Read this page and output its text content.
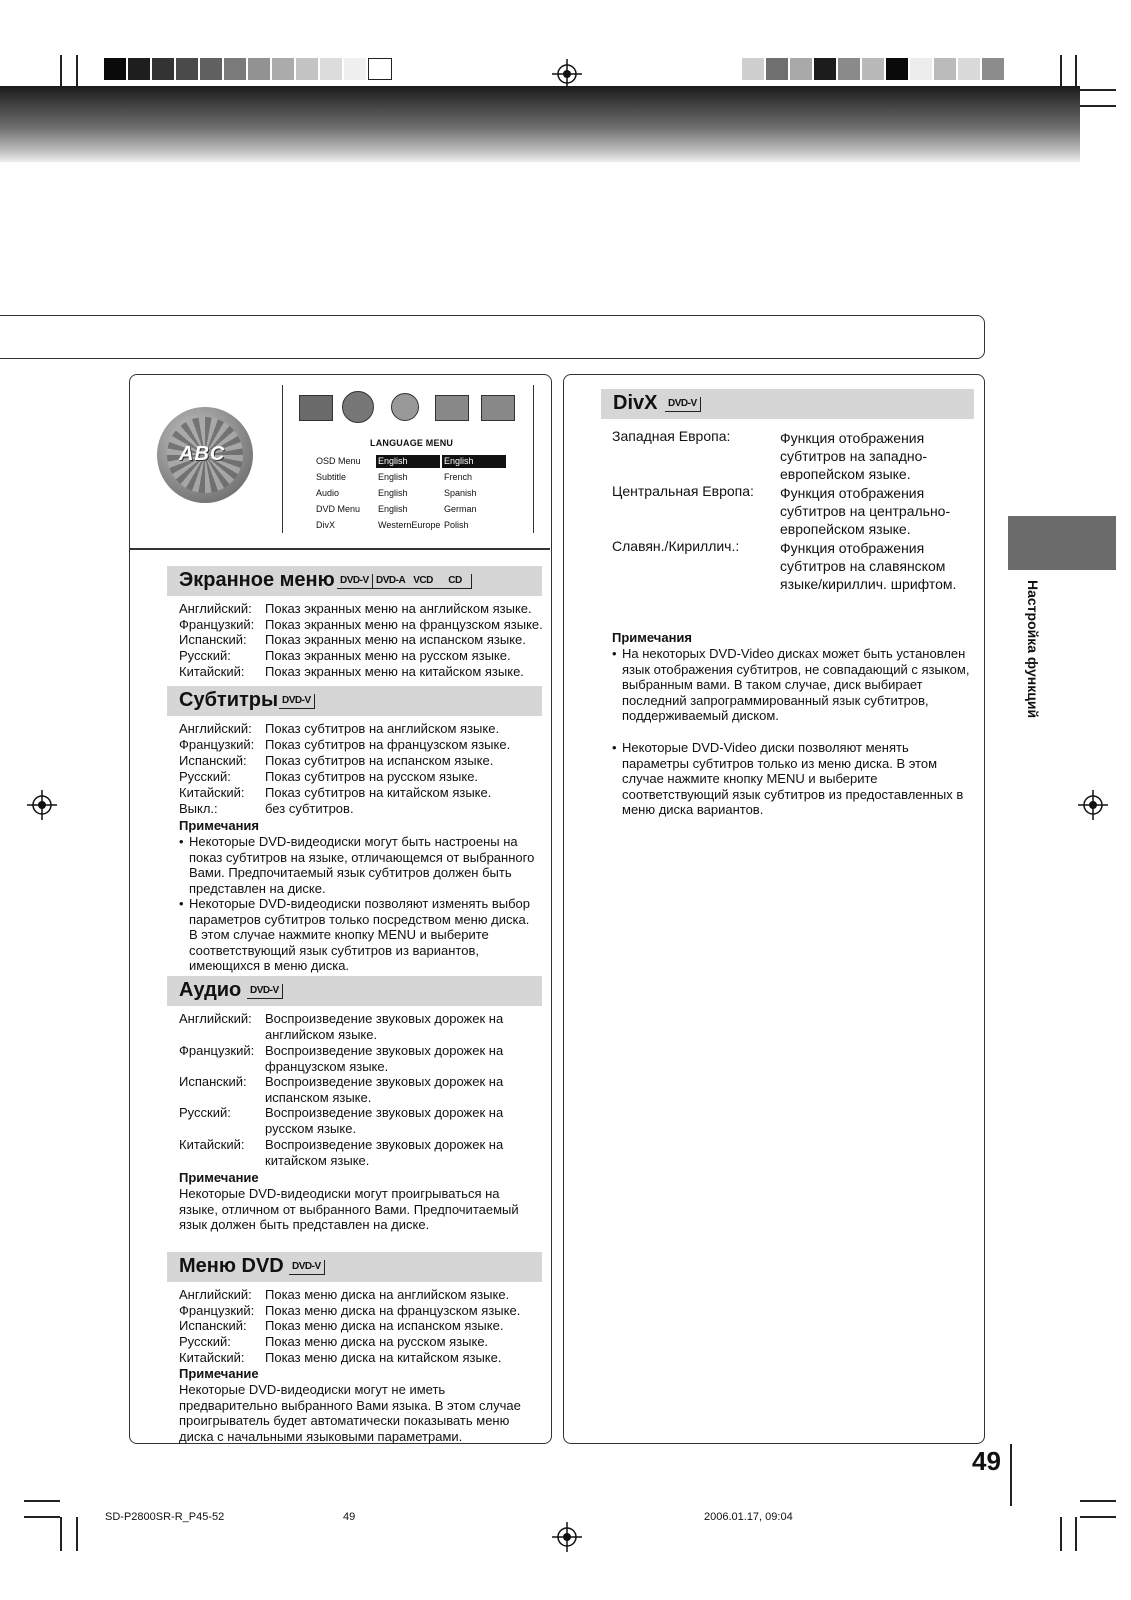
ABC	LANGUAGE MENU
OSD Menu English	English
Subtitle	English	French
Audio	English	Spanish
DVD Menu English	German
DivX	WesternEurope Polish
Экранное меню DVD-V DVD-A VCD	CD
Английский: Показ экранных меню на английском языке.
Французкий: Показ экранных меню на французском языке.
Испанский: Показ экранных меню на испанском языке.
Русский:	Показ экранных меню на русском языке.
Китайский: Показ экранных меню на китайском языке.
Субтитры DVD-V
Английский: Показ субтитров на английском языке.
Французкий: Показ субтитров на французском языке.
Испанский: Показ субтитров на испанском языке.
Русский:	Показ субтитров на русском языке.
Китайский: Показ субтитров на китайском языке.
Выкл.:	без субтитров.
Примечания
• Некоторые DVD-видеодиски могут быть настроены на показ субтитров на языке, отличающемся от выбранного Вами. Предпочитаемый язык субтитров должен быть представлен на диске.
• Некоторые DVD-видеодиски позволяют изменять выбор параметров субтитров только посредством меню диска. В этом случае нажмите кнопку MENU и выберите соответствующий язык субтитров из вариантов, имеющихся в меню диска.
Аудио DVD-V
Английский: Воспроизведение звуковых дорожек на
английском языке.
Французкий: Воспроизведение звуковых дорожек на
французском языке.
Испанский: Воспроизведение звуковых дорожек на
испанском языке.
Русский:	Воспроизведение звуковых дорожек на
русском языке.
Китайский: Воспроизведение звуковых дорожек на
китайском языке.
Примечание
Некоторые DVD-видеодиски могут проигрываться на языке, отличном от выбранного Вами. Предпочитаемый язык должен быть представлен на диске.
Меню DVD DVD-V
Английский: Показ меню диска на английском языке.
Французкий: Показ меню диска на французском языке.
Испанский: Показ меню диска на испанском языке.
Русский:	Показ меню диска на русском языке.
Китайский: Показ меню диска на китайском языке.
Примечание
Некоторые DVD-видеодиски могут не иметь предварительно выбранного Вами языка. В этом случае проигрыватель будет автоматически показывать меню диска с начальными языковыми параметрами.
DivX	DVD-V
Западная Европа:	Функция отображения субтитров на западно-европейском языке.
Центральная Европа: Функция отображения субтитров на центрально-европейском языке.
Славян./Кириллич.:	Функция отображения субтитров на славянском языке/кириллич. шрифтом.
Примечания
• На некоторых DVD-Video дисках может быть установлен язык отображения субтитров, не совпадающий с языком, выбранным вами. В таком случае, диск выбирает последний запрограммированный язык субтитров, поддерживаемый диском.
• Некоторые DVD-Video диски позволяют менять параметры субтитров только из меню диска. В этом случае нажмите кнопку MENU и выберите соответствующий язык субтитров из предоставленных в меню диска вариантов.
Настройка функций
49
SD-P2800SR-R_P45-52	49	2006.01.17, 09:04
